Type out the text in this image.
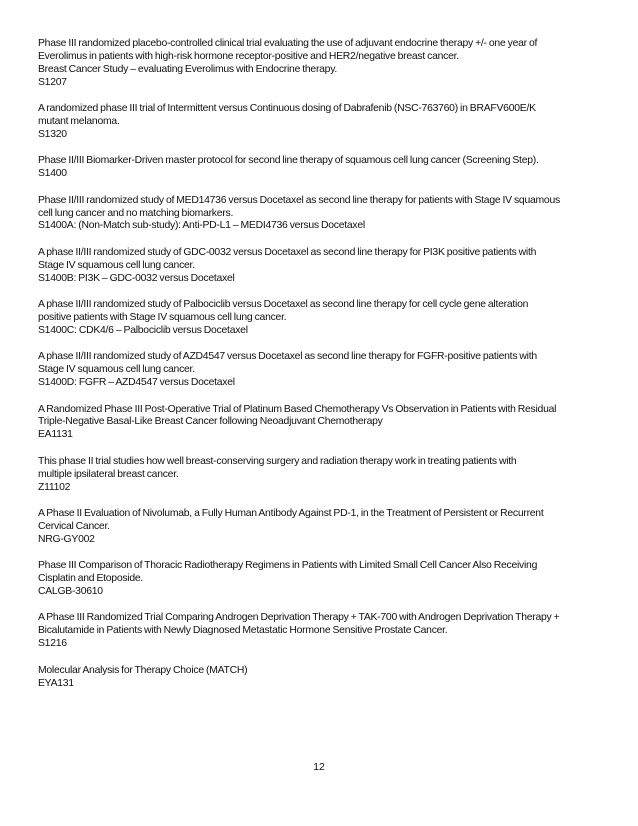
Phase III randomized placebo-controlled clinical trial evaluating the use of adjuvant endocrine therapy +/- one year of

Everolimus in patients with high-risk hormone receptor-positive and HER2/negative breast cancer.

Breast Cancer Study – evaluating Everolimus with Endocrine therapy.

S1207

A randomized phase III trial of Intermittent versus Continuous dosing of Dabrafenib (NSC-763760) in BRAFV600E/K

mutant melanoma.

S1320

Phase II/III Biomarker-Driven master protocol for second line therapy of squamous cell lung cancer (Screening Step).

S1400

Phase II/III randomized study of MED14736 versus Docetaxel as second line therapy for patients with Stage IV squamous

cell lung cancer and no matching biomarkers.

S1400A: (Non-Match sub-study): Anti-PD-L1 – MEDI4736 versus Docetaxel

A phase II/III randomized study of GDC-0032 versus Docetaxel as second line therapy for PI3K positive patients with

Stage IV squamous cell lung cancer.

S1400B: PI3K – GDC-0032 versus Docetaxel

A phase II/III randomized study of Palbociclib versus Docetaxel as second line therapy for cell cycle gene alteration

positive patients with Stage IV squamous cell lung cancer.

S1400C: CDK4/6 – Palbociclib versus Docetaxel

A phase II/III randomized study of AZD4547 versus Docetaxel as second line therapy for FGFR-positive patients with

Stage IV squamous cell lung cancer.

S1400D: FGFR – AZD4547 versus Docetaxel

A Randomized Phase III Post-Operative Trial of Platinum Based Chemotherapy Vs Observation in Patients with Residual

Triple-Negative Basal-Like Breast Cancer following Neoadjuvant Chemotherapy

EA1131

This phase II trial studies how well breast-conserving surgery and radiation therapy work in treating patients with

multiple ipsilateral breast cancer.

Z11102

A Phase II Evaluation of Nivolumab, a Fully Human Antibody Against PD-1, in the Treatment of Persistent or Recurrent

Cervical Cancer.

NRG-GY002

Phase III Comparison of Thoracic Radiotherapy Regimens in Patients with Limited Small Cell Cancer Also Receiving

Cisplatin and Etoposide.

CALGB-30610

A Phase III Randomized Trial Comparing Androgen Deprivation Therapy + TAK-700 with Androgen Deprivation Therapy +

Bicalutamide in Patients with Newly Diagnosed Metastatic Hormone Sensitive Prostate Cancer.

S1216

Molecular Analysis for Therapy Choice (MATCH)

EYA131

12
